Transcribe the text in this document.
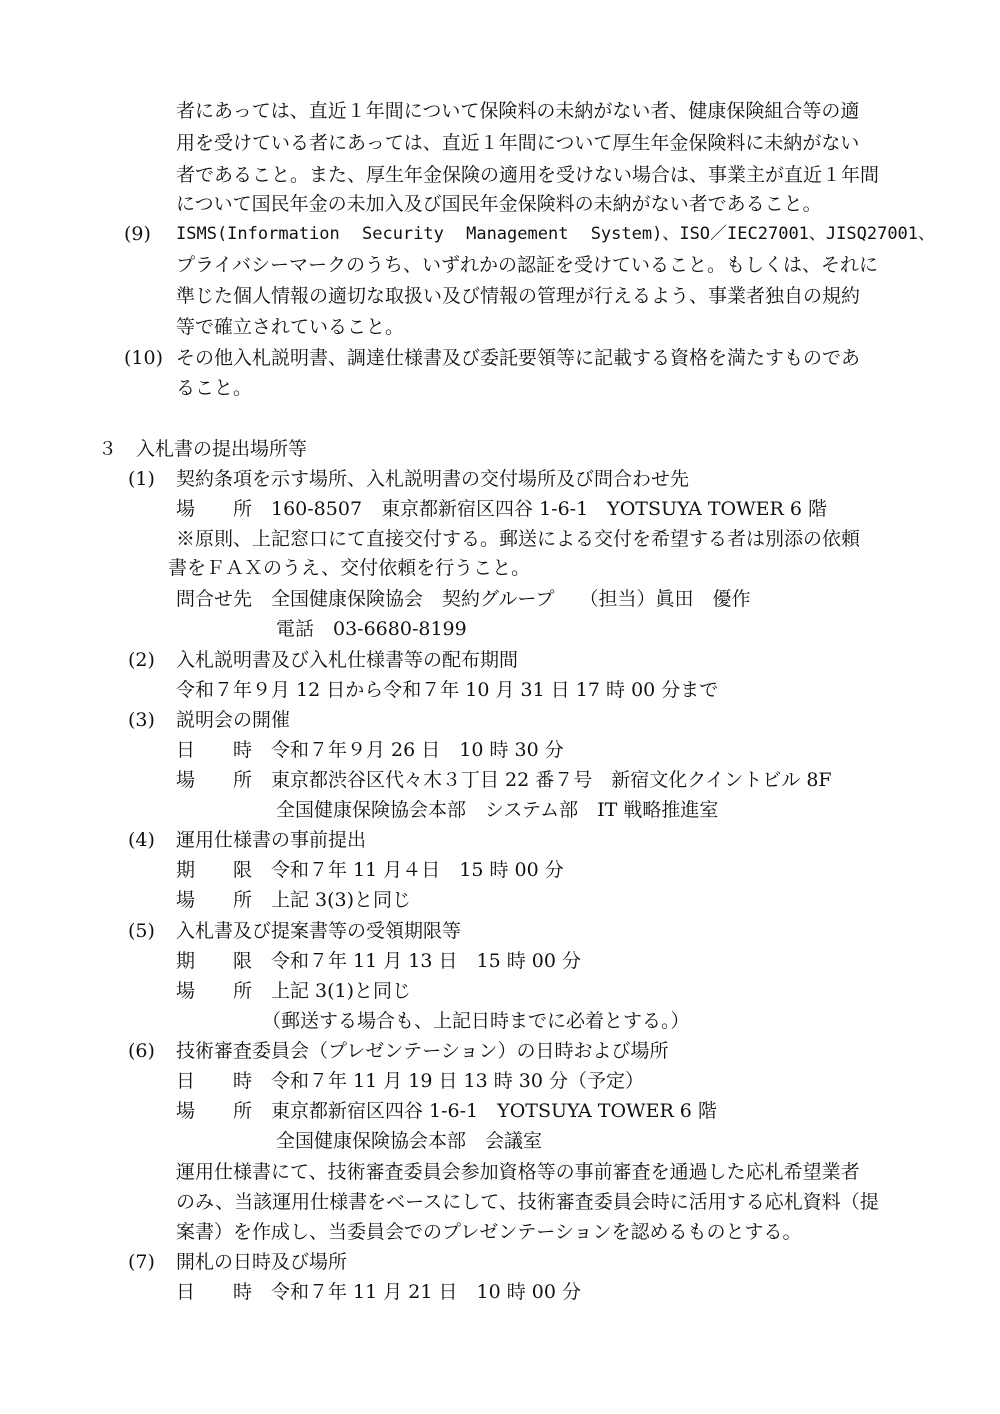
者にあっては、直近１年間について保険料の未納がない者、健康保険組合等の適
用を受けている者にあっては、直近１年間について厚生年金保険料に未納がない
者であること。また、厚生年金保険の適用を受けない場合は、事業主が直近１年間
について国民年金の未加入及び国民年金保険料の未納がない者であること。
(9) ISMS(Information Security Management System)、ISO／IEC27001、JISQ27001、
プライバシーマークのうち、いずれかの認証を受けていること。もしくは、それに
準じた個人情報の適切な取扱い及び情報の管理が行えるよう、事業者独自の規約
等で確立されていること。
(10) その他入札説明書、調達仕様書及び委託要領等に記載する資格を満たすものであ
ること。
３　入札書の提出場所等
(1) 契約条項を示す場所、入札説明書の交付場所及び問合わせ先
場　　所　160-8507　東京都新宿区四谷 1-6-1　YOTSUYA TOWER 6 階
※原則、上記窓口にて直接交付する。郵送による交付を希望する者は別添の依頼
書をＦＡＸのうえ、交付依頼を行うこと。
問合せ先　全国健康保険協会　契約グループ　 （担当）眞田　優作
電話　03-6680-8199
(2) 入札説明書及び入札仕様書等の配布期間
令和７年９月 12 日から令和７年 10 月 31 日 17 時 00 分まで
(3) 説明会の開催
日　　時　令和７年９月 26 日　10 時 30 分
場　　所　東京都渋谷区代々木３丁目 22 番７号　新宿文化クイントビル 8F
全国健康保険協会本部　システム部　IT 戦略推進室
(4) 運用仕様書の事前提出
期　　限　令和７年 11 月４日　15 時 00 分
場　　所　上記 3(3)と同じ
(5) 入札書及び提案書等の受領期限等
期　　限　令和７年 11 月 13 日　15 時 00 分
場　　所　上記 3(1)と同じ
（郵送する場合も、上記日時までに必着とする。）
(6) 技術審査委員会（プレゼンテーション）の日時および場所
日　　時　令和７年 11 月 19 日 13 時 30 分（予定）
場　　所　東京都新宿区四谷 1-6-1　YOTSUYA TOWER 6 階
全国健康保険協会本部　会議室
運用仕様書にて、技術審査委員会参加資格等の事前審査を通過した応札希望業者
のみ、当該運用仕様書をベースにして、技術審査委員会時に活用する応札資料（提
案書）を作成し、当委員会でのプレゼンテーションを認めるものとする。
(7) 開札の日時及び場所
日　　時　令和７年 11 月 21 日　10 時 00 分
